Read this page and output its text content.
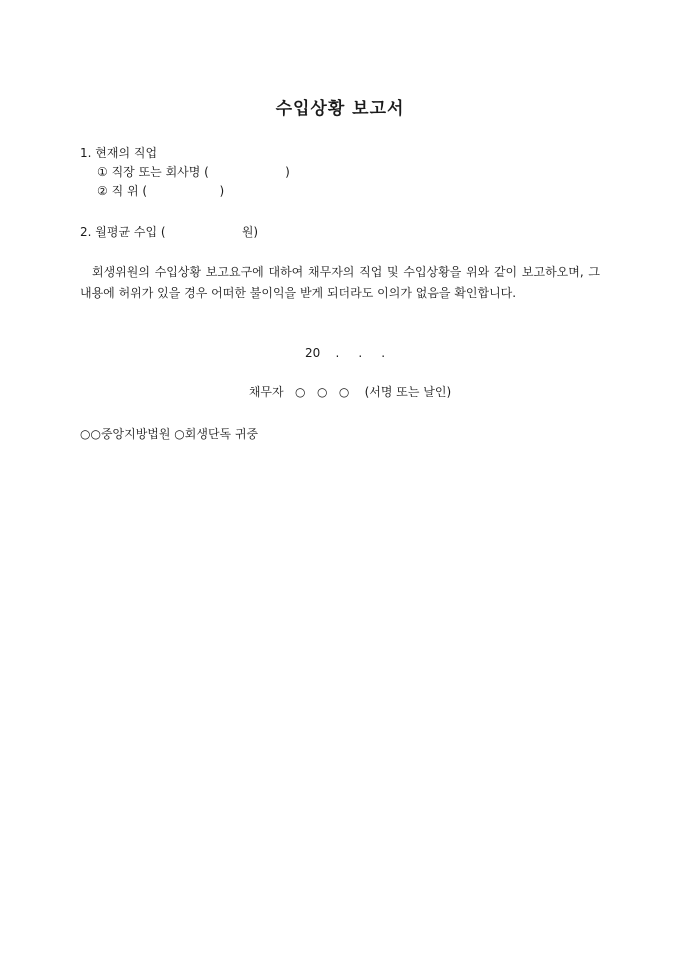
수입상황 보고서
1. 현재의 직업
① 직장 또는 회사명 (                    )
② 직 위 (                   )
2. 월평균 수입 (                    원)
회생위원의 수입상황 보고요구에 대하여 채무자의 직업 및 수입상황을 위와 같이 보고하오며, 그 내용에 허위가 있을 경우 어떠한 불이익을 받게 되더라도 이의가 없음을 확인합니다.
20    .     .     .
채무자   ○   ○   ○    (서명 또는 날인)
○○중앙지방법원 ○회생단독 귀중
